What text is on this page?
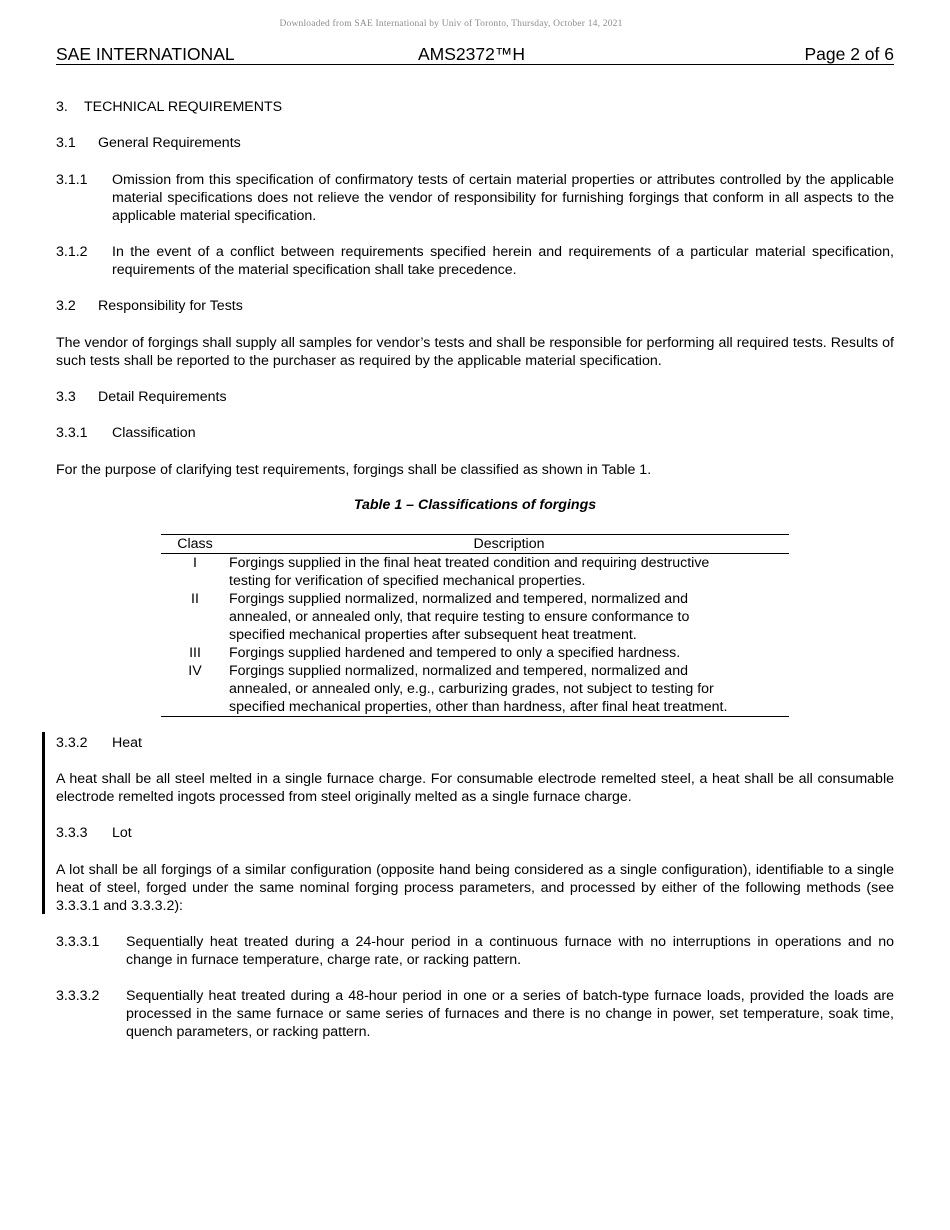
Downloaded from SAE International by Univ of Toronto, Thursday, October 14, 2021
SAE INTERNATIONAL	AMS2372™H	Page 2 of 6
3. TECHNICAL REQUIREMENTS
3.1 General Requirements
3.1.1 Omission from this specification of confirmatory tests of certain material properties or attributes controlled by the applicable material specifications does not relieve the vendor of responsibility for furnishing forgings that conform in all aspects to the applicable material specification.
3.1.2 In the event of a conflict between requirements specified herein and requirements of a particular material specification, requirements of the material specification shall take precedence.
3.2 Responsibility for Tests
The vendor of forgings shall supply all samples for vendor’s tests and shall be responsible for performing all required tests. Results of such tests shall be reported to the purchaser as required by the applicable material specification.
3.3 Detail Requirements
3.3.1 Classification
For the purpose of clarifying test requirements, forgings shall be classified as shown in Table 1.
Table 1 – Classifications of forgings
Class	Description
I	Forgings supplied in the final heat treated condition and requiring destructive
testing for verification of specified mechanical properties.

II	Forgings supplied normalized, normalized and tempered, normalized and
annealed, or annealed only, that require testing to ensure conformance to
specified mechanical properties after subsequent heat treatment.

III	Forgings supplied hardened and tempered to only a specified hardness.

IV	Forgings supplied normalized, normalized and tempered, normalized and
annealed, or annealed only, e.g., carburizing grades, not subject to testing for
specified mechanical properties, other than hardness, after final heat treatment.
3.3.2 Heat
A heat shall be all steel melted in a single furnace charge. For consumable electrode remelted steel, a heat shall be all consumable electrode remelted ingots processed from steel originally melted as a single furnace charge.
3.3.3 Lot
A lot shall be all forgings of a similar configuration (opposite hand being considered as a single configuration), identifiable to a single heat of steel, forged under the same nominal forging process parameters, and processed by either of the following methods (see 3.3.3.1 and 3.3.3.2):
3.3.3.1 Sequentially heat treated during a 24-hour period in a continuous furnace with no interruptions in operations and no change in furnace temperature, charge rate, or racking pattern.
3.3.3.2 Sequentially heat treated during a 48-hour period in one or a series of batch-type furnace loads, provided the loads are processed in the same furnace or same series of furnaces and there is no change in power, set temperature, soak time, quench parameters, or racking pattern.
